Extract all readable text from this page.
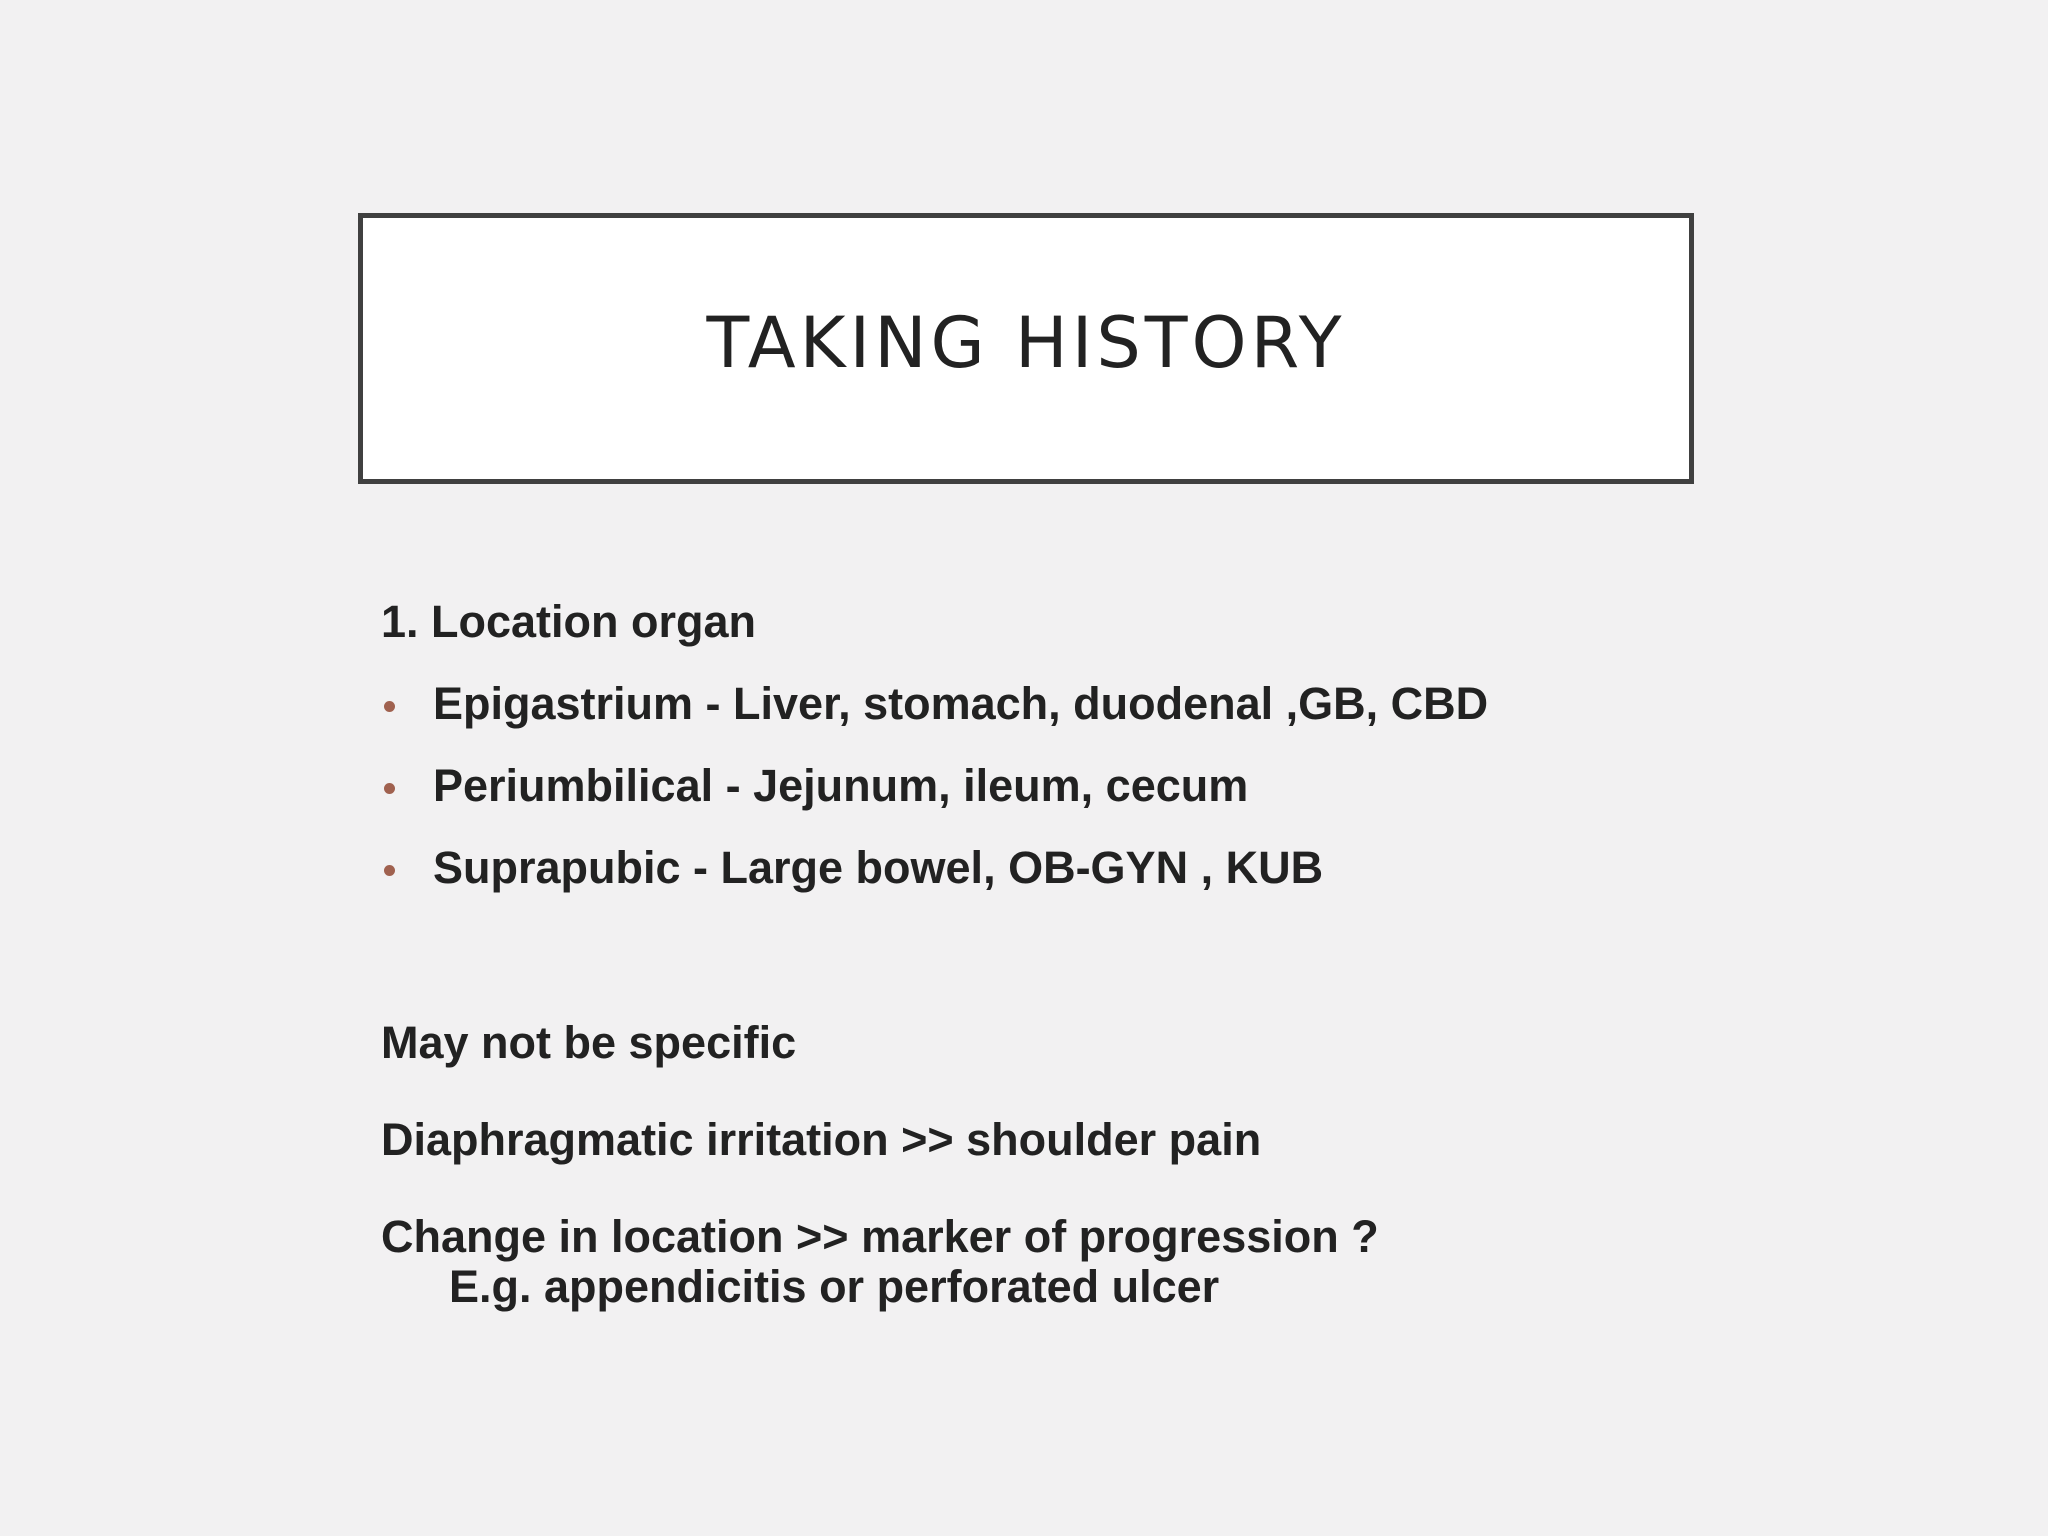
TAKING HISTORY

1. Location organ

Epigastrium - Liver, stomach, duodenal ,GB, CBD
Periumbilical - Jejunum, ileum, cecum
Suprapubic - Large bowel, OB-GYN , KUB

May not be specific

Diaphragmatic irritation >> shoulder pain

Change in location >> marker of progression ?

E.g. appendicitis or perforated ulcer
